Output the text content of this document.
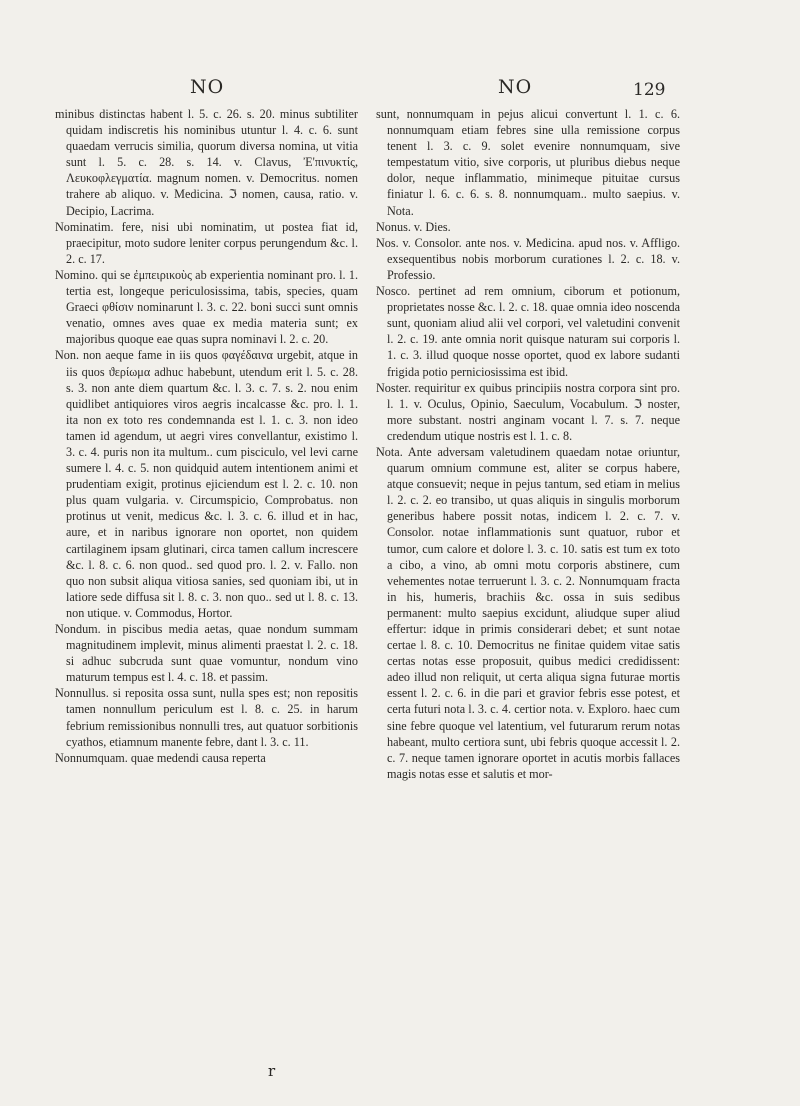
NO	NO	129

minibus distinctas habent l. 5. c. 26. s. 20. minus subtiliter quidam indiscretis his nominibus utuntur l. 4. c. 6. sunt quaedam verrucis similia, quorum diversa nomina, ut vitia sunt l. 5. c. 28. s. 14. v. Clavus, Ἐ'πινυκτίς, Λευκοφλεγματία. magnum nomen. v. Democritus. nomen trahere ab aliquo. v. Medicina. ℑ nomen, causa, ratio. v. Decipio, Lacrima.

Nominatim. fere, nisi ubi nominatim, ut postea fiat id, praecipitur, moto sudore leniter corpus perungendum &c. l. 2. c. 17.

Nomino. qui se ἐμπειρικοὺς ab experientia nominant pro. l. 1. tertia est, longeque periculosissima, tabis, species, quam Graeci φθίσιν nominarunt l. 3. c. 22. boni succi sunt omnis venatio, omnes aves quae ex media materia sunt; ex majoribus quoque eae quas supra nominavi l. 2. c. 20.

Non. non aeque fame in iis quos φαγέδαινα urgebit, atque in iis quos ϑερίωμα adhuc habebunt, utendum erit l. 5. c. 28. s. 3. non ante diem quartum &c. l. 3. c. 7. s. 2. nou enim quidlibet antiquiores viros aegris incalcasse &c. pro. l. 1. ita non ex toto res condemnanda est l. 1. c. 3. non ideo tamen id agendum, ut aegri vires convellantur, existimo l. 3. c. 4. puris non ita multum.. cum pisciculo, vel levi carne sumere l. 4. c. 5. non quidquid autem intentionem animi et prudentiam exigit, protinus ejiciendum est l. 2. c. 10. non plus quam vulgaria. v. Circumspicio, Comprobatus. non protinus ut venit, medicus &c. l. 3. c. 6. illud et in hac, aure, et in naribus ignorare non oportet, non quidem cartilaginem ipsam glutinari, circa tamen callum increscere &c. l. 8. c. 6. non quod.. sed quod pro. l. 2. v. Fallo. non quo non subsit aliqua vitiosa sanies, sed quoniam ibi, ut in latiore sede diffusa sit l. 8. c. 3. non quo.. sed ut l. 8. c. 13. non utique. v. Commodus, Hortor.

Nondum. in piscibus media aetas, quae nondum summam magnitudinem implevit, minus alimenti praestat l. 2. c. 18. si adhuc subcruda sunt quae vomuntur, nondum vino maturum tempus est l. 4. c. 18. et passim.

Nonnullus. si reposita ossa sunt, nulla spes est; non repositis tamen nonnullum periculum est l. 8. c. 25. in harum febrium remissionibus nonnulli tres, aut quatuor sorbitionis cyathos, etiamnum manente febre, dant l. 3. c. 11.

Nonnumquam. quae medendi causa reperta

sunt, nonnumquam in pejus alicui convertunt l. 1. c. 6. nonnumquam etiam febres sine ulla remissione corpus tenent l. 3. c. 9. solet evenire nonnumquam, sive tempestatum vitio, sive corporis, ut pluribus diebus neque dolor, neque inflammatio, minimeque pituitae cursus finiatur l. 6. c. 6. s. 8. nonnumquam.. multo saepius. v. Nota.

Nonus. v. Dies.

Nos. v. Consolor. ante nos. v. Medicina. apud nos. v. Affligo. exsequentibus nobis morborum curationes l. 2. c. 18. v. Professio.

Nosco. pertinet ad rem omnium, ciborum et potionum, proprietates nosse &c. l. 2. c. 18. quae omnia ideo noscenda sunt, quoniam aliud alii vel corpori, vel valetudini convenit l. 2. c. 19. ante omnia norit quisque naturam sui corporis l. 1. c. 3. illud quoque nosse oportet, quod ex labore sudanti frigida potio perniciosissima est ibid.

Noster. requiritur ex quibus principiis nostra corpora sint pro. l. 1. v. Oculus, Opinio, Saeculum, Vocabulum. ℑ noster, more substant. nostri anginam vocant l. 7. s. 7. neque credendum utique nostris est l. 1. c. 8.

Nota. Ante adversam valetudinem quaedam notae oriuntur, quarum omnium commune est, aliter se corpus habere, atque consuevit; neque in pejus tantum, sed etiam in melius l. 2. c. 2. eo transibo, ut quas aliquis in singulis morborum generibus habere possit notas, indicem l. 2. c. 7. v. Consolor. notae inflammationis sunt quatuor, rubor et tumor, cum calore et dolore l. 3. c. 10. satis est tum ex toto a cibo, a vino, ab omni motu corporis abstinere, cum vehementes notae terruerunt l. 3. c. 2. Nonnumquam fracta in his, humeris, brachiis &c. ossa in suis sedibus permanent: multo saepius excidunt, aliudque super aliud effertur: idque in primis considerari debet; et sunt notae certae l. 8. c. 10. Democritus ne finitae quidem vitae satis certas notas esse proposuit, quibus medici credidissent: adeo illud non reliquit, ut certa aliqua signa futurae mortis essent l. 2. c. 6. in die pari et gravior febris esse potest, et certa futuri nota l. 3. c. 4. certior nota. v. Exploro. haec cum sine febre quoque vel latentium, vel futurarum rerum notas habeant, multo certiora sunt, ubi febris quoque accessit l. 2. c. 7. neque tamen ignorare oportet in acutis morbis fallaces magis notas esse et salutis et mor-

r
